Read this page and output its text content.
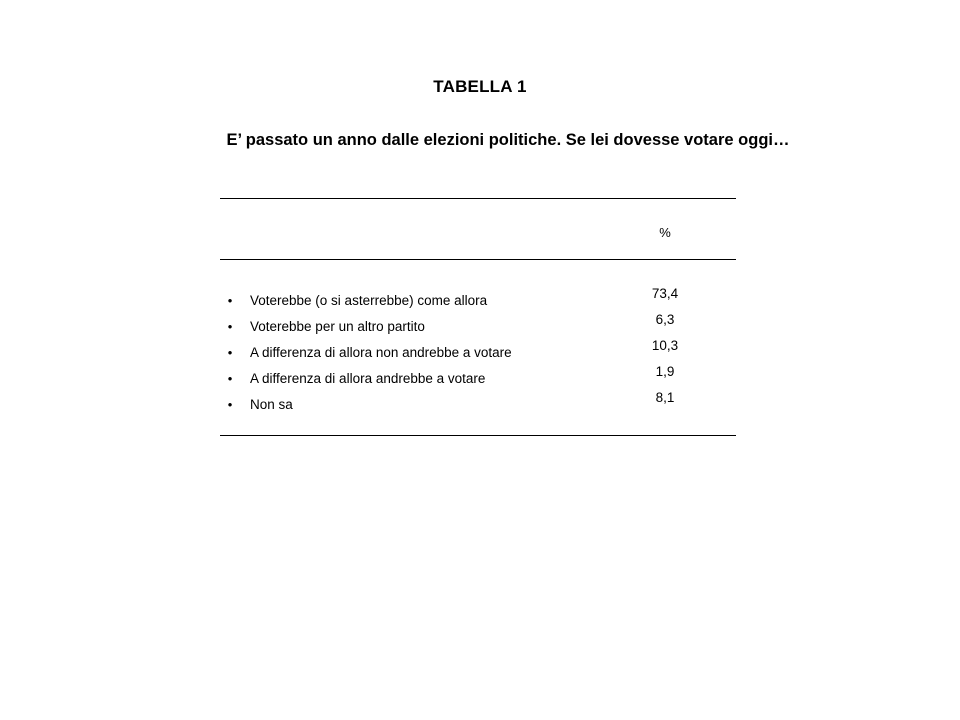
TABELLA 1
E’ passato un anno dalle elezioni politiche. Se lei dovesse votare oggi…
%
• Voterebbe (o si asterrebbe) come allora	73,4
• Voterebbe per un altro partito	6,3
• A differenza di allora non andrebbe a votare	10,3
• A differenza di allora andrebbe a votare	1,9
• Non sa	8,1
